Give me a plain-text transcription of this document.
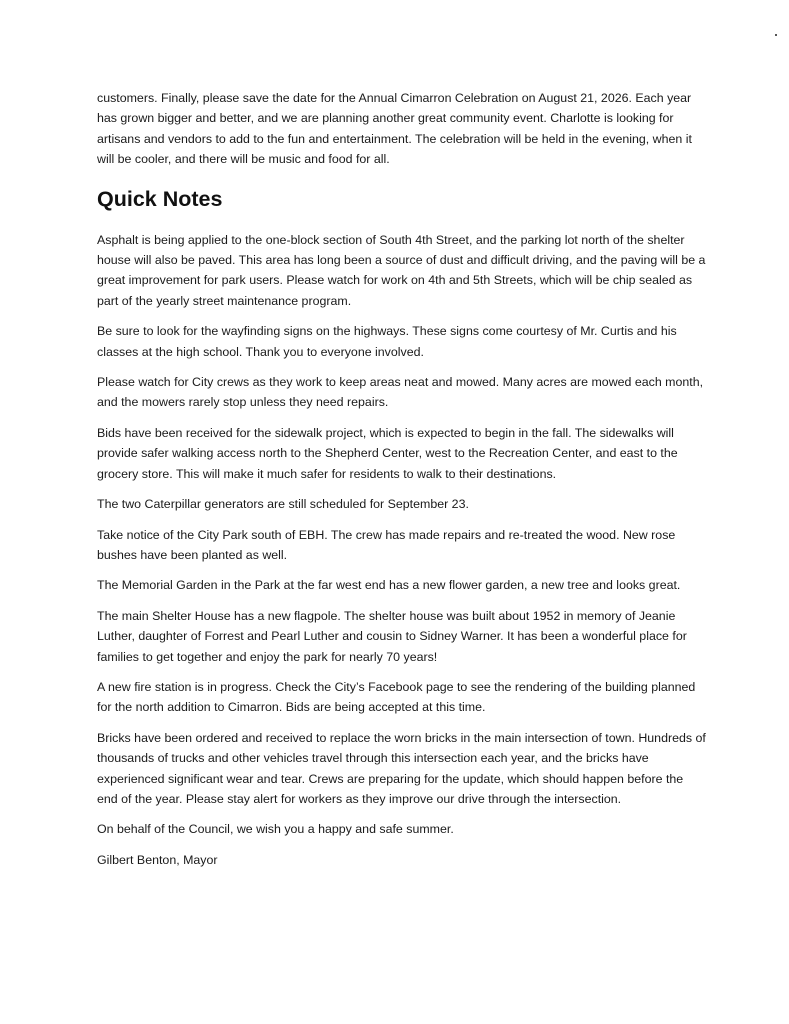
customers. Finally, please save the date for the Annual Cimarron Celebration on August 21, 2026. Each year has grown bigger and better, and we are planning another great community event. Charlotte is looking for artisans and vendors to add to the fun and entertainment. The celebration will be held in the evening, when it will be cooler, and there will be music and food for all.

Quick Notes

Asphalt is being applied to the one-block section of South 4th Street, and the parking lot north of the shelter house will also be paved. This area has long been a source of dust and difficult driving, and the paving will be a great improvement for park users. Please watch for work on 4th and 5th Streets, which will be chip sealed as part of the yearly street maintenance program.

Be sure to look for the wayfinding signs on the highways. These signs come courtesy of Mr. Curtis and his classes at the high school. Thank you to everyone involved.

Please watch for City crews as they work to keep areas neat and mowed. Many acres are mowed each month, and the mowers rarely stop unless they need repairs.

Bids have been received for the sidewalk project, which is expected to begin in the fall. The sidewalks will provide safer walking access north to the Shepherd Center, west to the Recreation Center, and east to the grocery store. This will make it much safer for residents to walk to their destinations.

The two Caterpillar generators are still scheduled for September 23.

Take notice of the City Park south of EBH. The crew has made repairs and re-treated the wood. New rose bushes have been planted as well.

The Memorial Garden in the Park at the far west end has a new flower garden, a new tree and looks great.

The main Shelter House has a new flagpole. The shelter house was built about 1952 in memory of Jeanie Luther, daughter of Forrest and Pearl Luther and cousin to Sidney Warner. It has been a wonderful place for families to get together and enjoy the park for nearly 70 years!

A new fire station is in progress. Check the City’s Facebook page to see the rendering of the building planned for the north addition to Cimarron. Bids are being accepted at this time.

Bricks have been ordered and received to replace the worn bricks in the main intersection of town. Hundreds of thousands of trucks and other vehicles travel through this intersection each year, and the bricks have experienced significant wear and tear. Crews are preparing for the update, which should happen before the end of the year. Please stay alert for workers as they improve our drive through the intersection.

On behalf of the Council, we wish you a happy and safe summer.

Gilbert Benton, Mayor
